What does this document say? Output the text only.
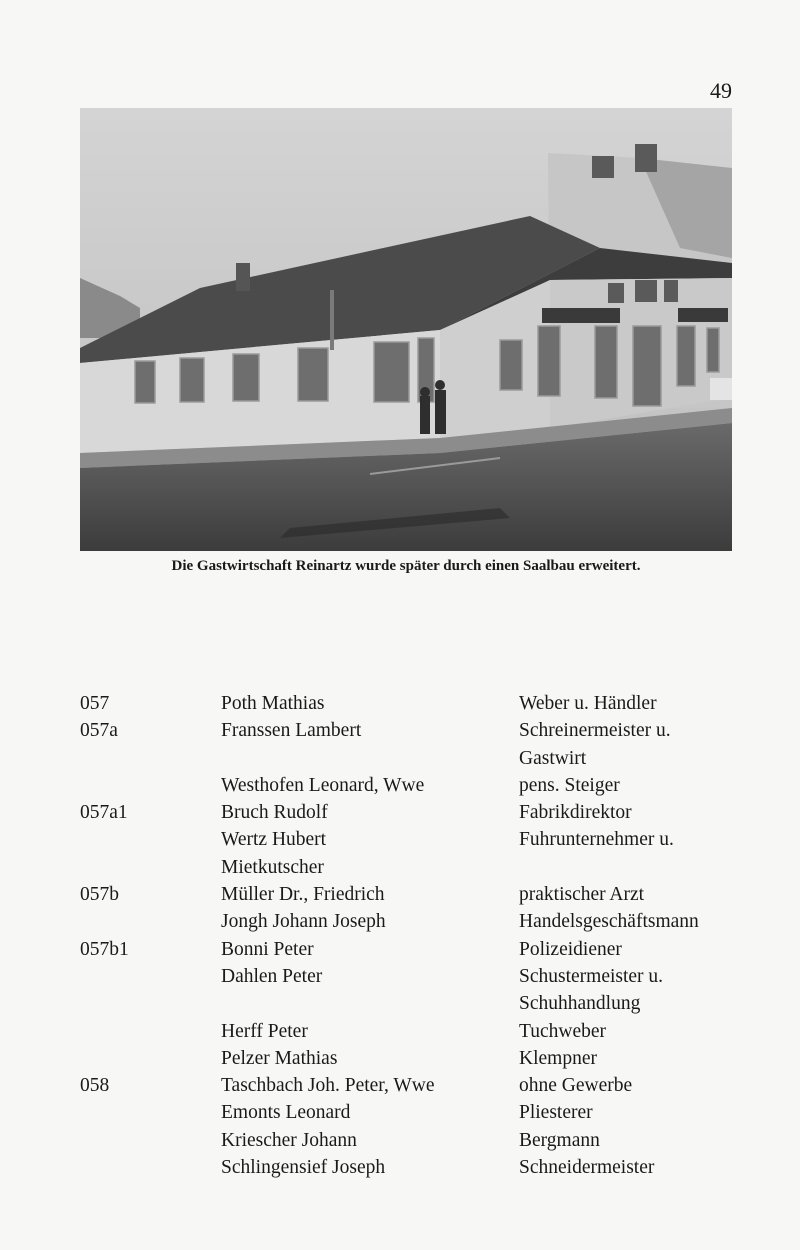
49
Die Gastwirtschaft Reinartz wurde später durch einen Saalbau erweitert.
057	Poth Mathias	Weber u. Händler
057a	Franssen Lambert	Schreinermeister u.
Gastwirt
Westhofen Leonard, Wwe	pens. Steiger
057a1	Bruch Rudolf	Fabrikdirektor
Wertz Hubert	Fuhrunternehmer u.
Mietkutscher
057b	Müller Dr., Friedrich	praktischer Arzt
Jongh Johann Joseph	Handelsgeschäftsmann
057b1	Bonni Peter	Polizeidiener
Dahlen Peter	Schustermeister u.
Schuhhandlung
Herff Peter	Tuchweber
Pelzer Mathias	Klempner
058	Taschbach Joh. Peter, Wwe	ohne Gewerbe
Emonts Leonard	Pliesterer
Kriescher Johann	Bergmann
Schlingensief Joseph	Schneidermeister
